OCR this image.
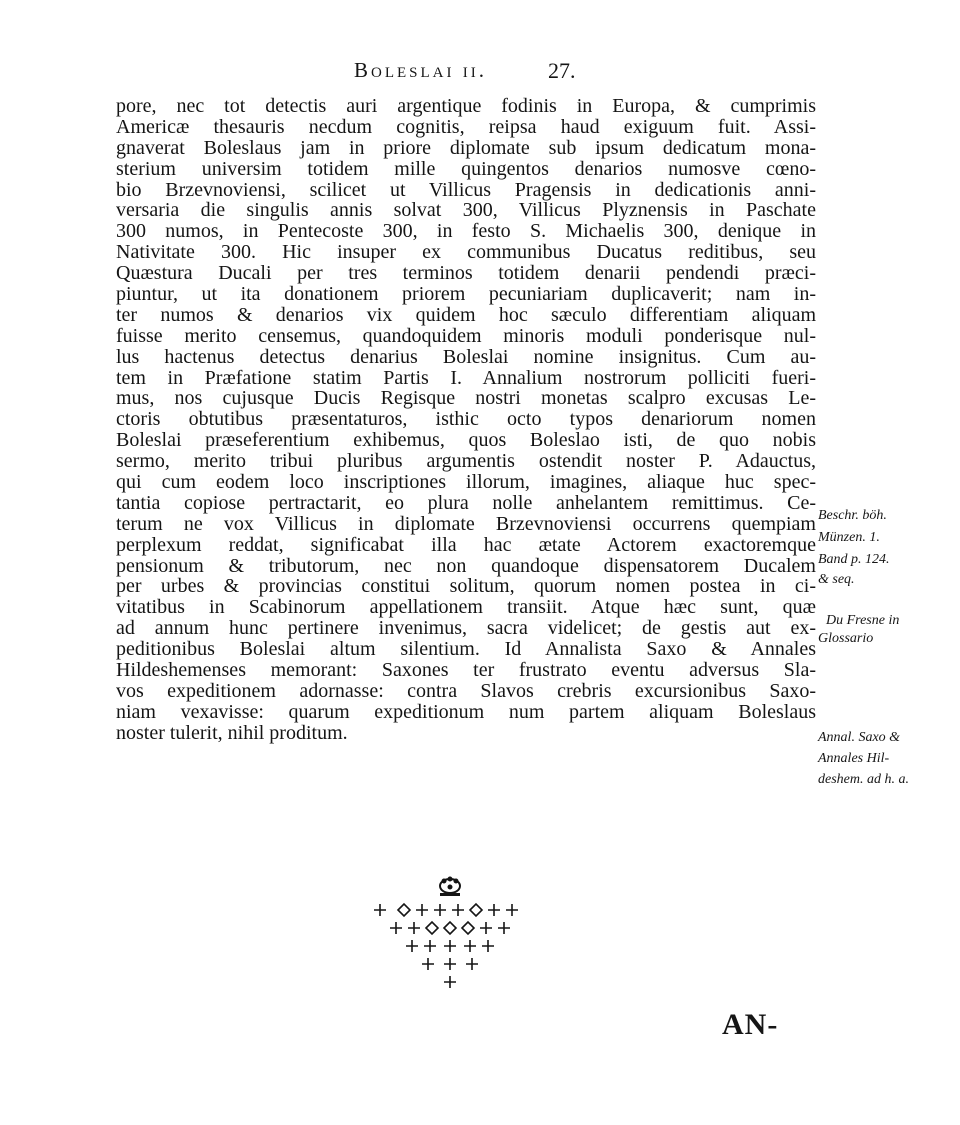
Boleslai ii.	27.
pore, nec tot detectis auri argentique fodinis in Europa, & cumprimis
Americæ thesauris necdum cognitis, reipsa haud exiguum fuit. Assi-
gnaverat Boleslaus jam in priore diplomate sub ipsum dedicatum mona-
sterium universim totidem mille quingentos denarios numosve cœno-
bio Brzevnoviensi, scilicet ut Villicus Pragensis in dedicationis anni-
versaria die singulis annis solvat 300, Villicus Plyznensis in Paschate
300 numos, in Pentecoste 300, in festo S. Michaelis 300, denique in
Nativitate 300. Hic insuper ex communibus Ducatus reditibus, seu
Quæstura Ducali per tres terminos totidem denarii pendendi præci-
piuntur, ut ita donationem priorem pecuniariam duplicaverit; nam in-
ter numos & denarios vix quidem hoc sæculo differentiam aliquam
fuisse merito censemus, quandoquidem minoris moduli ponderisque nul-
lus hactenus detectus denarius Boleslai nomine insignitus. Cum au-
tem in Præfatione statim Partis I. Annalium nostrorum polliciti fueri-
mus, nos cujusque Ducis Regisque nostri monetas scalpro excusas Le-
ctoris obtutibus præsentaturos, isthic octo typos denariorum nomen
Boleslai præseferentium exhibemus, quos Boleslao isti, de quo nobis
sermo, merito tribui pluribus argumentis ostendit noster P. Adauctus,
qui cum eodem loco inscriptiones illorum, imagines, aliaque huc spec-
tantia copiose pertractarit, eo plura nolle anhelantem remittimus. Ce-
terum ne vox Villicus in diplomate Brzevnoviensi occurrens quempiam
perplexum reddat, significabat illa hac ætate Actorem exactoremque
pensionum & tributorum, nec non quandoque dispensatorem Ducalem
per urbes & provincias constitui solitum, quorum nomen postea in ci-
vitatibus in Scabinorum appellationem transiit. Atque hæc sunt, quæ
ad annum hunc pertinere invenimus, sacra videlicet; de gestis aut ex-
peditionibus Boleslai altum silentium. Id Annalista Saxo & Annales
Hildeshemenses memorant: Saxones ter frustrato eventu adversus Sla-
vos expeditionem adornasse: contra Slavos crebris excursionibus Saxo-
niam vexavisse: quarum expeditionum num partem aliquam Boleslaus
noster tulerit, nihil proditum.
Beschr. böh.
Münzen. 1.
Band p. 124.
& seq.
Du Fresne in
Glossario
Annal. Saxo &
Annales Hil-
deshem. ad h. a.
AN-
